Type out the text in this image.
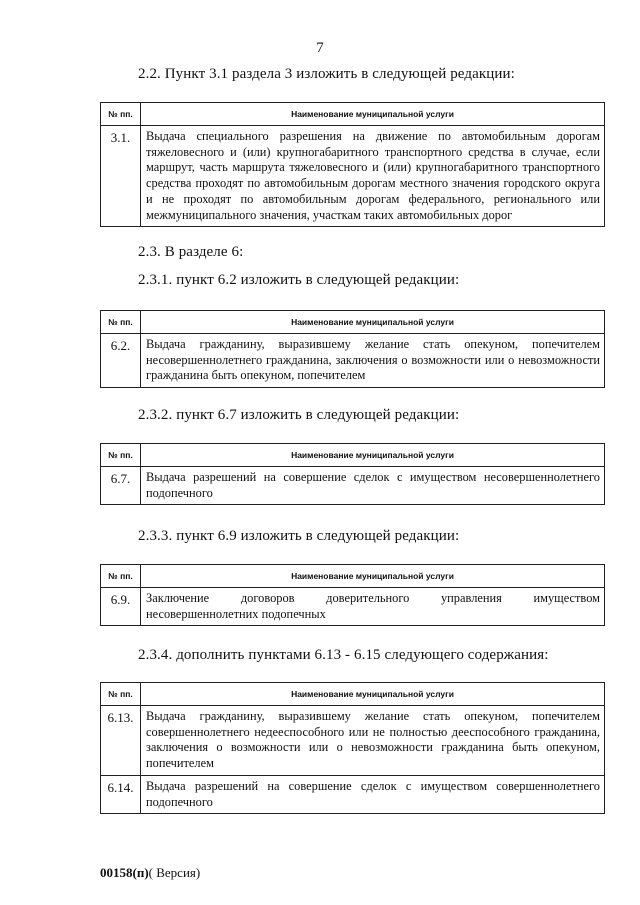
7
2.2. Пункт 3.1 раздела 3 изложить в следующей редакции:
№ пп.	Наименование муниципальной услуги
3.1.	Выдача специального разрешения на движение по автомобильным дорогам тяжеловесного и (или) крупногабаритного транспортного средства в случае, если маршрут, часть маршрута тяжеловесного и (или) крупногабаритного транспортного средства проходят по автомобильным дорогам местного значения городского округа и не проходят по автомобильным дорогам федерального, регионального или межмуниципального значения, участкам таких автомобильных дорог
2.3. В разделе 6:
2.3.1. пункт 6.2 изложить в следующей редакции:
№ пп.	Наименование муниципальной услуги
6.2.	Выдача гражданину, выразившему желание стать опекуном, попечителем несовершеннолетнего гражданина, заключения о возможности или о невозможности гражданина быть опекуном, попечителем
2.3.2. пункт 6.7 изложить в следующей редакции:
№ пп.	Наименование муниципальной услуги
6.7.	Выдача разрешений на совершение сделок с имуществом несовершеннолетнего подопечного
2.3.3. пункт 6.9 изложить в следующей редакции:
№ пп.	Наименование муниципальной услуги
6.9.	Заключение договоров доверительного управления имуществом несовершеннолетних подопечных
2.3.4. дополнить пунктами 6.13 - 6.15 следующего содержания:
№ пп.	Наименование муниципальной услуги
6.13.	Выдача гражданину, выразившему желание стать опекуном, попечителем совершеннолетнего недееспособного или не полностью дееспособного гражданина, заключения о возможности или о невозможности гражданина быть опекуном, попечителем
6.14.	Выдача разрешений на совершение сделок с имуществом совершеннолетнего подопечного
00158(п)( Версия)
